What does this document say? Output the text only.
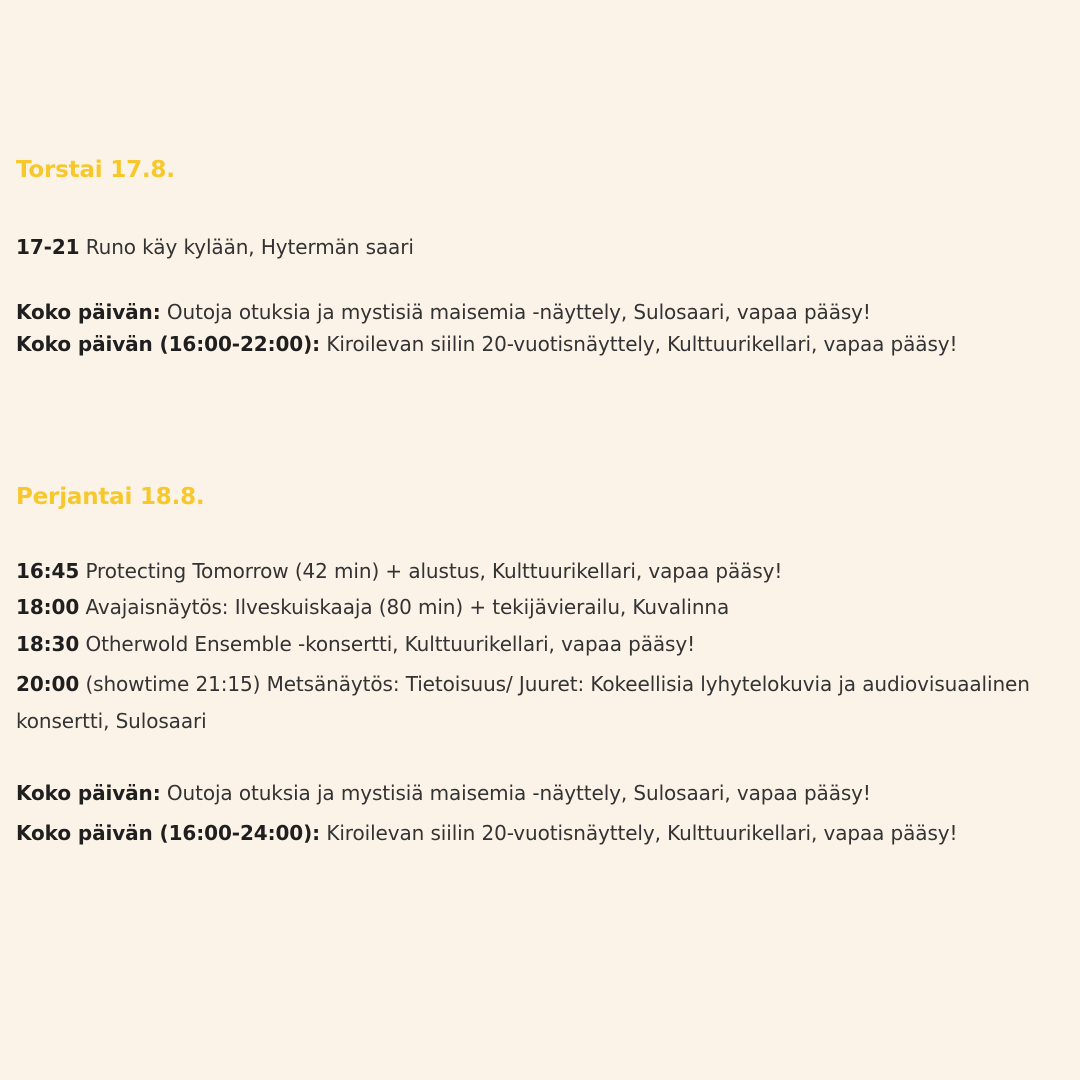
Torstai 17.8.

17-21 Runo käy kylään, Hytermän saari

Koko päivän: Outoja otuksia ja mystisiä maisemia -näyttely, Sulosaari, vapaa pääsy!

Koko päivän (16:00-22:00): Kiroilevan siilin 20-vuotisnäyttely, Kulttuurikellari, vapaa pääsy!

Perjantai 18.8.

16:45 Protecting Tomorrow (42 min) + alustus, Kulttuurikellari, vapaa pääsy!

18:00 Avajaisnäytös: Ilveskuiskaaja (80 min) + tekijävierailu, Kuvalinna

18:30 Otherwold Ensemble -konsertti, Kulttuurikellari, vapaa pääsy!

20:00 (showtime 21:15) Metsänäytös: Tietoisuus/ Juuret: Kokeellisia lyhytelokuvia ja audiovisuaalinen konsertti, Sulosaari

Koko päivän: Outoja otuksia ja mystisiä maisemia -näyttely, Sulosaari, vapaa pääsy!

Koko päivän (16:00-24:00): Kiroilevan siilin 20-vuotisnäyttely, Kulttuurikellari, vapaa pääsy!
